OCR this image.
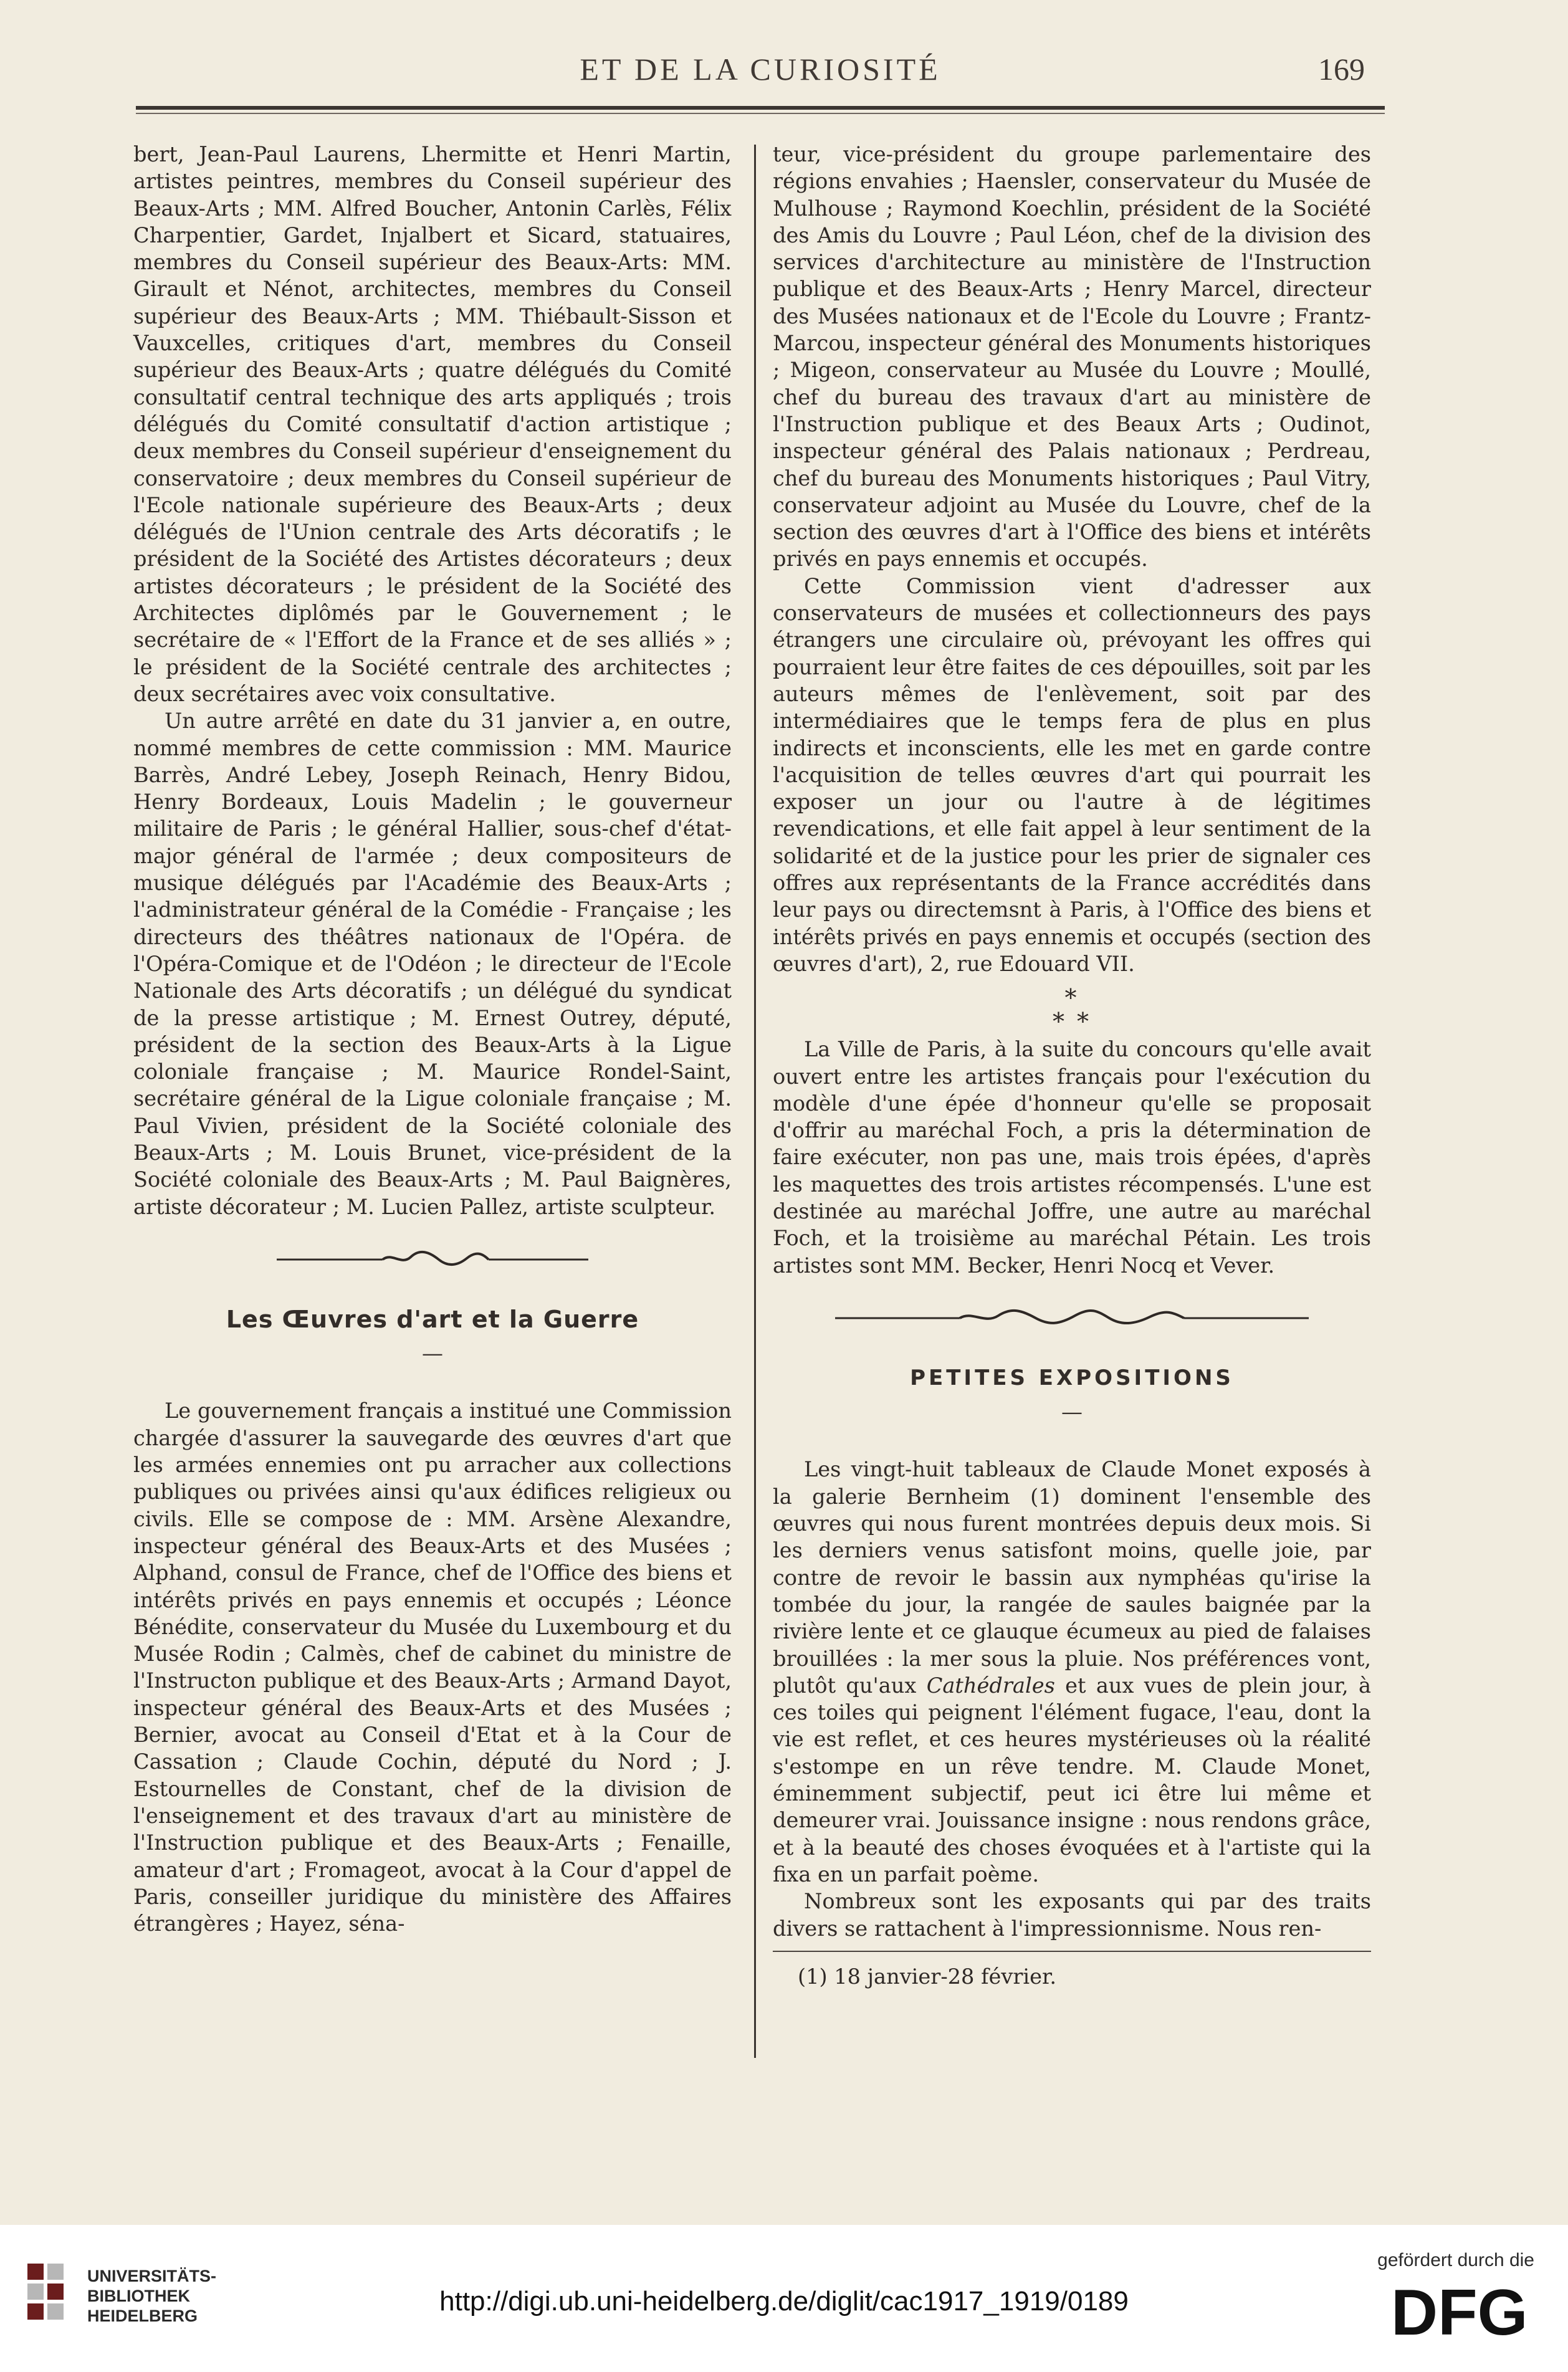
ET DE LA CURIOSITÉ	169

bert, Jean-Paul Laurens, Lhermitte et Henri Martin, artistes peintres, membres du Conseil supérieur des Beaux-Arts ; MM. Alfred Boucher, Antonin Carlès, Félix Charpentier, Gardet, Injalbert et Sicard, statuaires, membres du Conseil supérieur des Beaux-Arts: MM. Girault et Nénot, architectes, membres du Conseil supérieur des Beaux-Arts ; MM. Thiébault-Sisson et Vauxcelles, critiques d'art, membres du Conseil supérieur des Beaux-Arts ; quatre délégués du Comité consultatif central technique des arts appliqués ; trois délégués du Comité consultatif d'action artistique ; deux membres du Conseil supérieur d'enseignement du conservatoire ; deux membres du Conseil supérieur de l'Ecole nationale supérieure des Beaux-Arts ; deux délégués de l'Union centrale des Arts décoratifs ; le président de la Société des Artistes décorateurs ; deux artistes décorateurs ; le président de la Société des Architectes diplômés par le Gouvernement ; le secrétaire de « l'Effort de la France et de ses alliés » ; le président de la Société centrale des architectes ; deux secrétaires avec voix consultative.

Un autre arrêté en date du 31 janvier a, en outre, nommé membres de cette commission : MM. Maurice Barrès, André Lebey, Joseph Reinach, Henry Bidou, Henry Bordeaux, Louis Madelin ; le gouverneur militaire de Paris ; le général Hallier, sous-chef d'état-major général de l'armée ; deux compositeurs de musique délégués par l'Académie des Beaux-Arts ; l'administrateur général de la Comédie - Française ; les directeurs des théâtres nationaux de l'Opéra. de l'Opéra-Comique et de l'Odéon ; le directeur de l'Ecole Nationale des Arts décoratifs ; un délégué du syndicat de la presse artistique ; M. Ernest Outrey, député, président de la section des Beaux-Arts à la Ligue coloniale française ; M. Maurice Rondel-Saint, secrétaire général de la Ligue coloniale française ; M. Paul Vivien, président de la Société coloniale des Beaux-Arts ; M. Louis Brunet, vice-président de la Société coloniale des Beaux-Arts ; M. Paul Baignères, artiste décorateur ; M. Lucien Pallez, artiste sculpteur.

Les Œuvres d'art et la Guerre
—

Le gouvernement français a institué une Commission chargée d'assurer la sauvegarde des œuvres d'art que les armées ennemies ont pu arracher aux collections publiques ou privées ainsi qu'aux édifices religieux ou civils. Elle se compose de : MM. Arsène Alexandre, inspecteur général des Beaux-Arts et des Musées ; Alphand, consul de France, chef de l'Office des biens et intérêts privés en pays ennemis et occupés ; Léonce Bénédite, conservateur du Musée du Luxembourg et du Musée Rodin ; Calmès, chef de cabinet du ministre de l'Instructon publique et des Beaux-Arts ; Armand Dayot, inspecteur général des Beaux-Arts et des Musées ; Bernier, avocat au Conseil d'Etat et à la Cour de Cassation ; Claude Cochin, député du Nord ; J. Estournelles de Constant, chef de la division de l'enseignement et des travaux d'art au ministère de l'Instruction publique et des Beaux-Arts ; Fenaille, amateur d'art ; Fromageot, avocat à la Cour d'appel de Paris, conseiller juridique du ministère des Affaires étrangères ; Hayez, séna-

teur, vice-président du groupe parlementaire des régions envahies ; Haensler, conservateur du Musée de Mulhouse ; Raymond Koechlin, président de la Société des Amis du Louvre ; Paul Léon, chef de la division des services d'architecture au ministère de l'Instruction publique et des Beaux-Arts ; Henry Marcel, directeur des Musées nationaux et de l'Ecole du Louvre ; Frantz-Marcou, inspecteur général des Monuments historiques ; Migeon, conservateur au Musée du Louvre ; Moullé, chef du bureau des travaux d'art au ministère de l'Instruction publique et des Beaux Arts ; Oudinot, inspecteur général des Palais nationaux ; Perdreau, chef du bureau des Monuments historiques ; Paul Vitry, conservateur adjoint au Musée du Louvre, chef de la section des œuvres d'art à l'Office des biens et intérêts privés en pays ennemis et occupés.

Cette Commission vient d'adresser aux conservateurs de musées et collectionneurs des pays étrangers une circulaire où, prévoyant les offres qui pourraient leur être faites de ces dépouilles, soit par les auteurs mêmes de l'enlèvement, soit par des intermédiaires que le temps fera de plus en plus indirects et inconscients, elle les met en garde contre l'acquisition de telles œuvres d'art qui pourrait les exposer un jour ou l'autre à de légitimes revendications, et elle fait appel à leur sentiment de la solidarité et de la justice pour les prier de signaler ces offres aux représentants de la France accrédités dans leur pays ou directemsnt à Paris, à l'Office des biens et intérêts privés en pays ennemis et occupés (section des œuvres d'art), 2, rue Edouard VII.

*
* *

La Ville de Paris, à la suite du concours qu'elle avait ouvert entre les artistes français pour l'exécution du modèle d'une épée d'honneur qu'elle se proposait d'offrir au maréchal Foch, a pris la détermination de faire exécuter, non pas une, mais trois épées, d'après les maquettes des trois artistes récompensés. L'une est destinée au maréchal Joffre, une autre au maréchal Foch, et la troisième au maréchal Pétain. Les trois artistes sont MM. Becker, Henri Nocq et Vever.

PETITES EXPOSITIONS
—

Les vingt-huit tableaux de Claude Monet exposés à la galerie Bernheim (1) dominent l'ensemble des œuvres qui nous furent montrées depuis deux mois. Si les derniers venus satisfont moins, quelle joie, par contre de revoir le bassin aux nymphéas qu'irise la tombée du jour, la rangée de saules baignée par la rivière lente et ce glauque écumeux au pied de falaises brouillées : la mer sous la pluie. Nos préférences vont, plutôt qu'aux Cathédrales et aux vues de plein jour, à ces toiles qui peignent l'élément fugace, l'eau, dont la vie est reflet, et ces heures mystérieuses où la réalité s'estompe en un rêve tendre. M. Claude Monet, éminemment subjectif, peut ici être lui même et demeurer vrai. Jouissance insigne : nous rendons grâce, et à la beauté des choses évoquées et à l'artiste qui la fixa en un parfait poème.

Nombreux sont les exposants qui par des traits divers se rattachent à l'impressionnisme. Nous ren-

(1) 18 janvier-28 février.
UNIVERSITÄTS-
BIBLIOTHEK
HEIDELBERG	http://digi.ub.uni-heidelberg.de/diglit/cac1917_1919/0189
gefördert durch die
DFG
